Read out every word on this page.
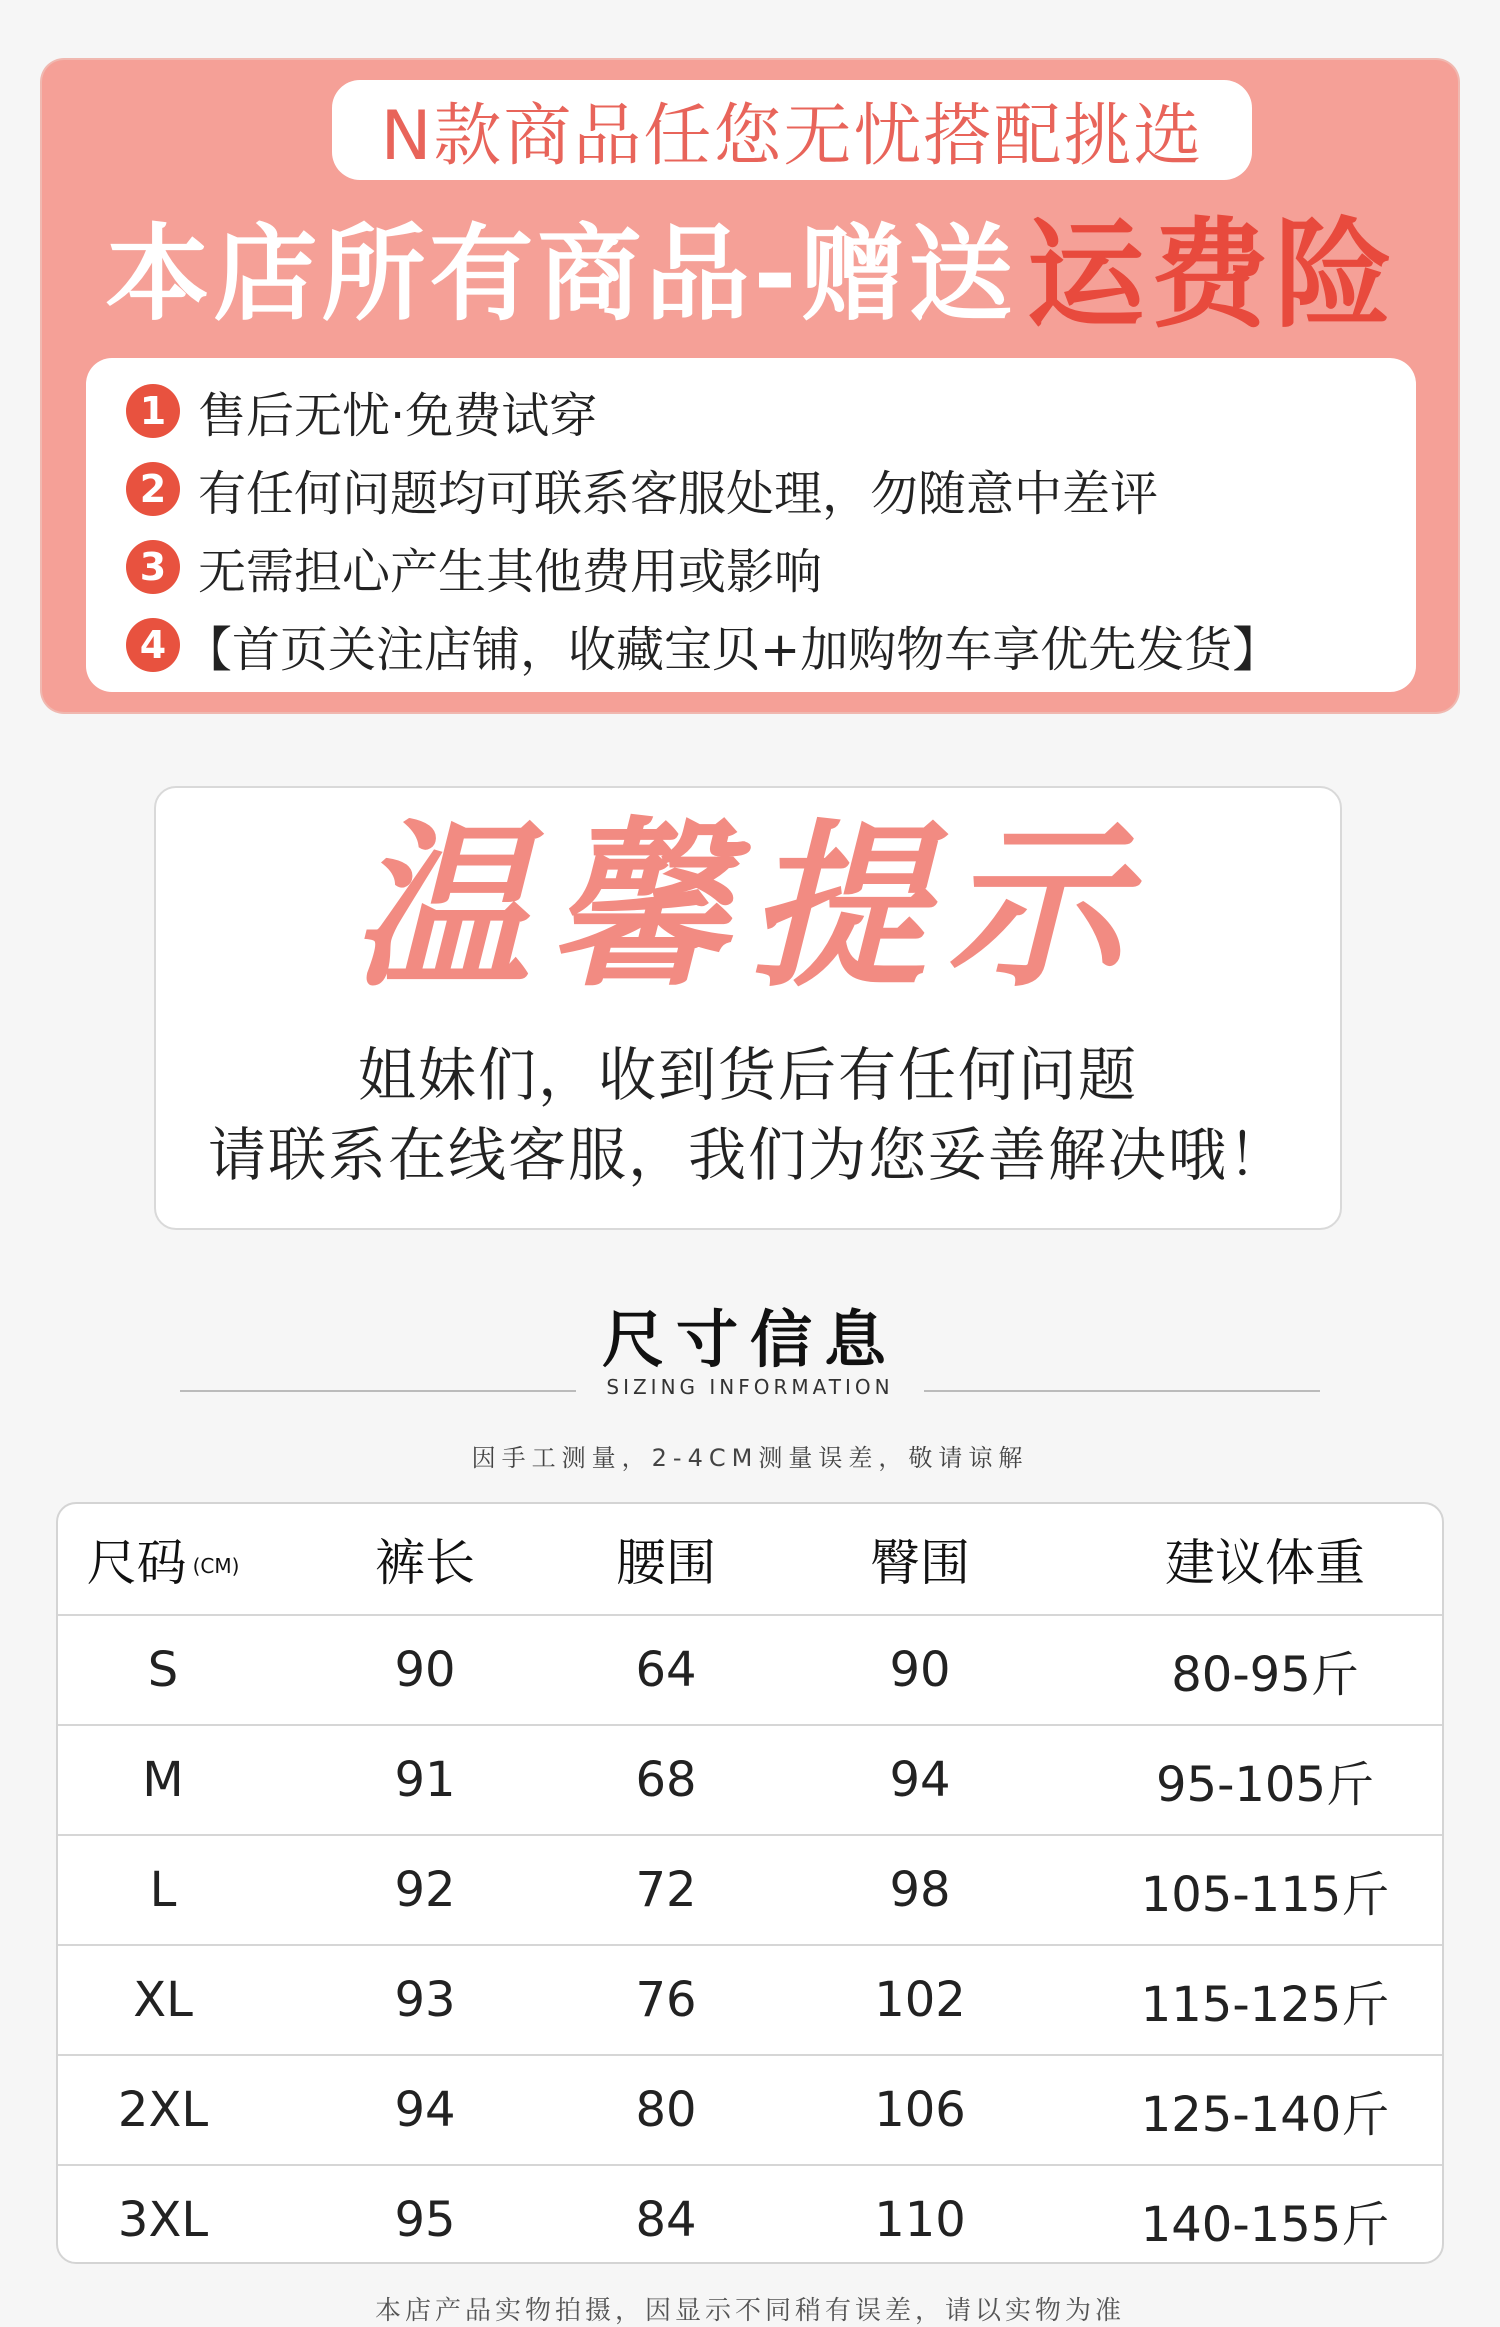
N款商品任您无忧搭配挑选
本店所有商品-赠送 运费险
1 售后无忧·免费试穿
2 有任何问题均可联系客服处理，勿随意中差评
3 无需担心产生其他费用或影响
4 【首页关注店铺，收藏宝贝+加购物车享优先发货】
温馨提示
姐妹们，收到货后有任何问题
请联系在线客服，我们为您妥善解决哦！
尺寸信息
SIZING INFORMATION
因手工测量，2-4CM测量误差，敬请谅解
尺码 (CM)	裤长	腰围	臀围	建议体重
S	90	64	90	80-95斤
M	91	68	94	95-105斤
L	92	72	98	105-115斤
XL	93	76	102	115-125斤
2XL	94	80	106	125-140斤
3XL	95	84	110	140-155斤
本店产品实物拍摄，因显示不同稍有误差，请以实物为准
